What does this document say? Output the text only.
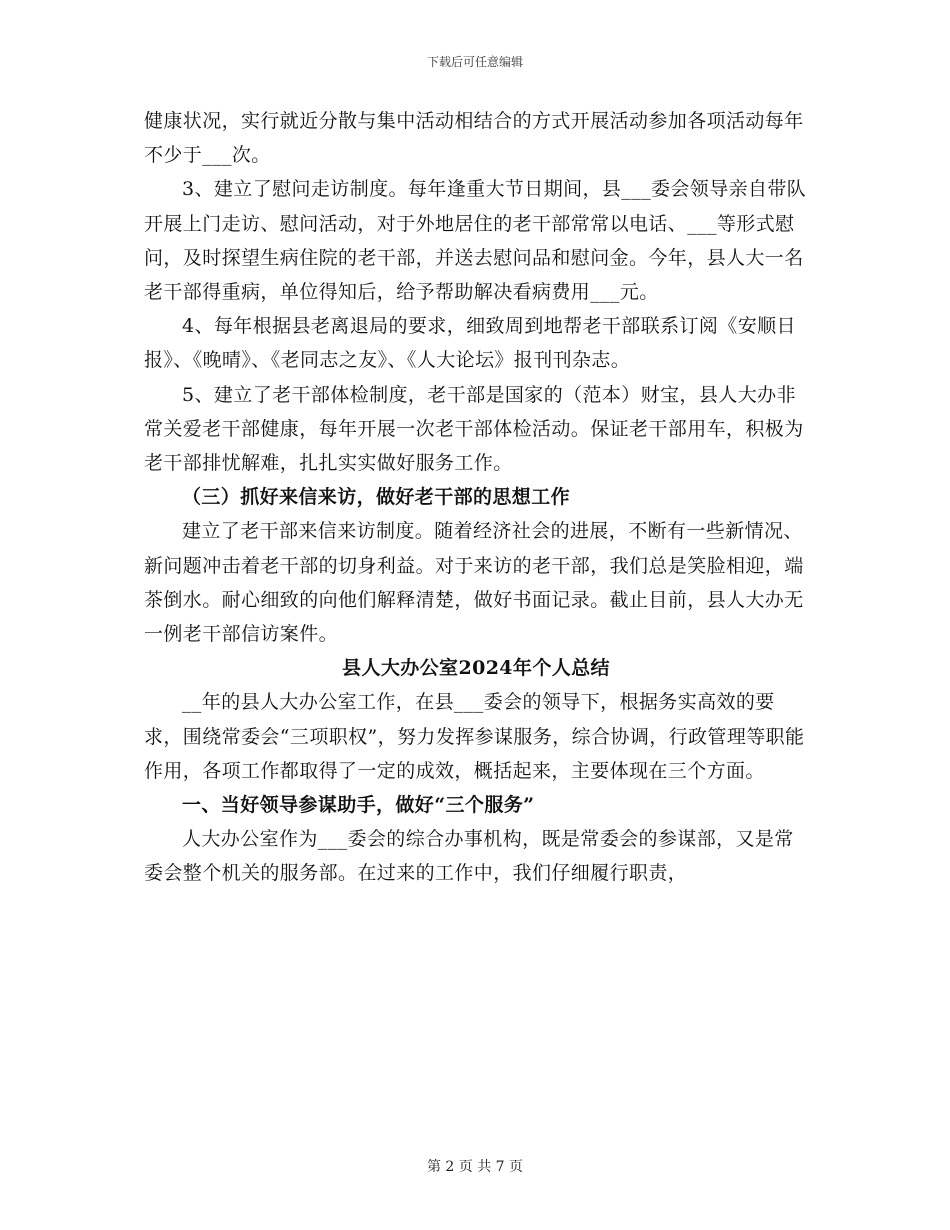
下载后可任意编辑

健康状况，实行就近分散与集中活动相结合的方式开展活动参加各项活动每年不少于___次。

3、建立了慰问走访制度。每年逢重大节日期间，县___委会领导亲自带队开展上门走访、慰问活动，对于外地居住的老干部常常以电话、___等形式慰问，及时探望生病住院的老干部，并送去慰问品和慰问金。今年，县人大一名老干部得重病，单位得知后，给予帮助解决看病费用___元。

4、每年根据县老离退局的要求，细致周到地帮老干部联系订阅《安顺日报》、《晚晴》、《老同志之友》、《人大论坛》报刊刊杂志。

5、建立了老干部体检制度，老干部是国家的（范本）财宝，县人大办非常关爱老干部健康，每年开展一次老干部体检活动。保证老干部用车，积极为老干部排忧解难，扎扎实实做好服务工作。

（三）抓好来信来访，做好老干部的思想工作

建立了老干部来信来访制度。随着经济社会的进展，不断有一些新情况、新问题冲击着老干部的切身利益。对于来访的老干部，我们总是笑脸相迎，端茶倒水。耐心细致的向他们解释清楚，做好书面记录。截止目前，县人大办无一例老干部信访案件。

县人大办公室2024年个人总结

__年的县人大办公室工作，在县___委会的领导下，根据务实高效的要求，围绕常委会“三项职权”，努力发挥参谋服务，综合协调，行政管理等职能作用，各项工作都取得了一定的成效，概括起来，主要体现在三个方面。

一、当好领导参谋助手，做好“三个服务”

人大办公室作为___委会的综合办事机构，既是常委会的参谋部，又是常委会整个机关的服务部。在过来的工作中，我们仔细履行职责，

第 2 页 共 7 页
